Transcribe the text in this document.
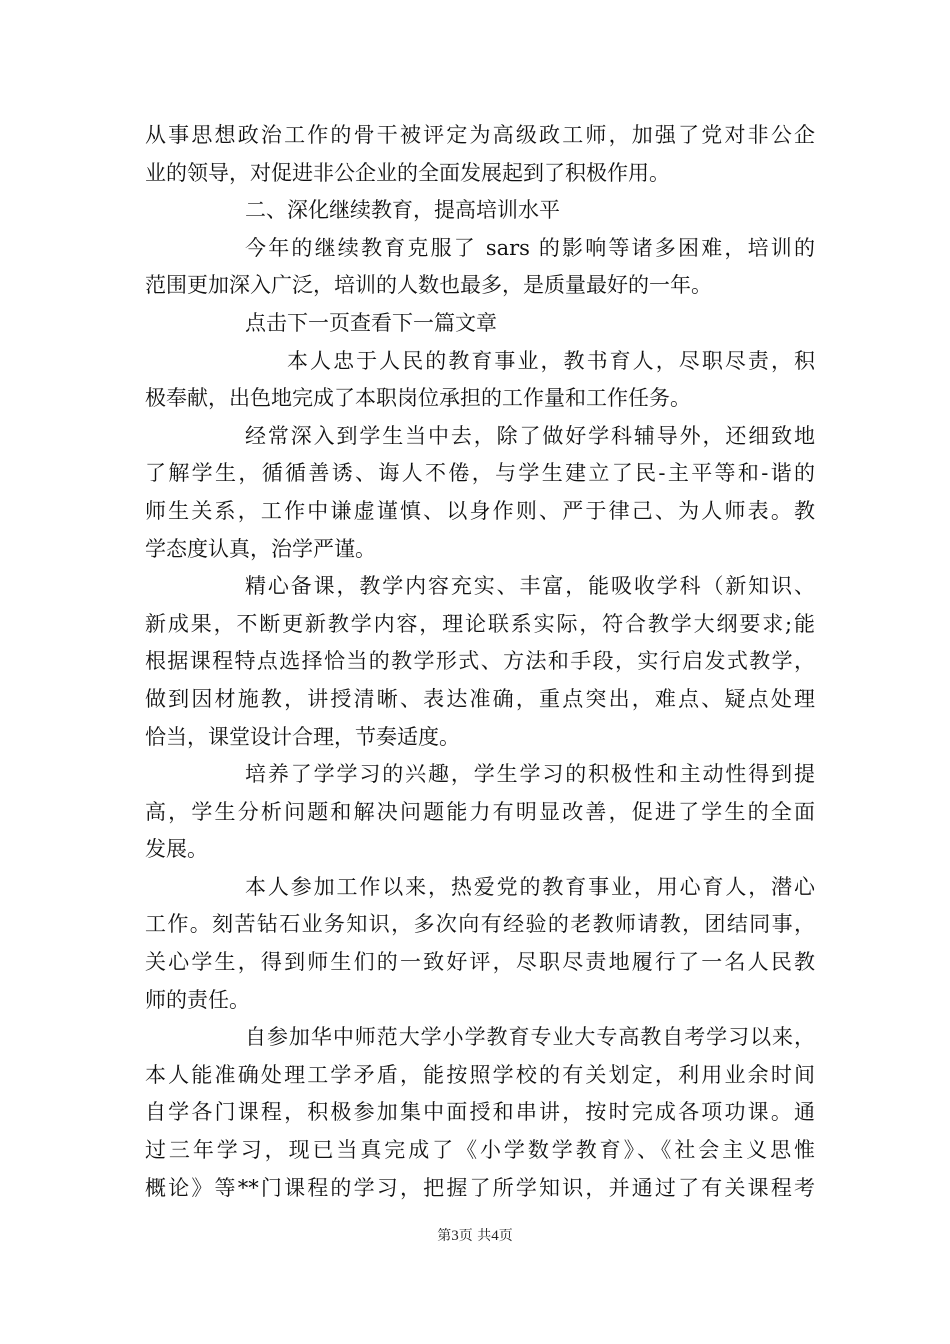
从事思想政治工作的骨干被评定为高级政工师，加强了党对非公企
业的领导，对促进非公企业的全面发展起到了积极作用。
二、深化继续教育，提高培训水平
今年的继续教育克服了 sars 的影响等诸多困难，培训的
范围更加深入广泛，培训的人数也最多，是质量最好的一年。
点击下一页查看下一篇文章
本人忠于人民的教育事业，教书育人，尽职尽责，积
极奉献，出色地完成了本职岗位承担的工作量和工作任务。
经常深入到学生当中去，除了做好学科辅导外，还细致地
了解学生，循循善诱、诲人不倦，与学生建立了民-主平等和-谐的
师生关系，工作中谦虚谨慎、以身作则、严于律己、为人师表。教
学态度认真，治学严谨。
精心备课，教学内容充实、丰富，能吸收学科（新知识、
新成果，不断更新教学内容，理论联系实际，符合教学大纲要求;能
根据课程特点选择恰当的教学形式、方法和手段，实行启发式教学，
做到因材施教，讲授清晰、表达准确，重点突出，难点、疑点处理
恰当，课堂设计合理，节奏适度。
培养了学学习的兴趣，学生学习的积极性和主动性得到提
高，学生分析问题和解决问题能力有明显改善，促进了学生的全面
发展。
本人参加工作以来，热爱党的教育事业，用心育人，潜心
工作。刻苦钻石业务知识，多次向有经验的老教师请教，团结同事，
关心学生，得到师生们的一致好评，尽职尽责地履行了一名人民教
师的责任。
自参加华中师范大学小学教育专业大专高教自考学习以来，
本人能准确处理工学矛盾，能按照学校的有关划定，利用业余时间
自学各门课程，积极参加集中面授和串讲，按时完成各项功课。通
过三年学习，现已当真完成了《小学数学教育》、《社会主义思惟
概论》等**门课程的学习，把握了所学知识，并通过了有关课程考
第3页 共4页
